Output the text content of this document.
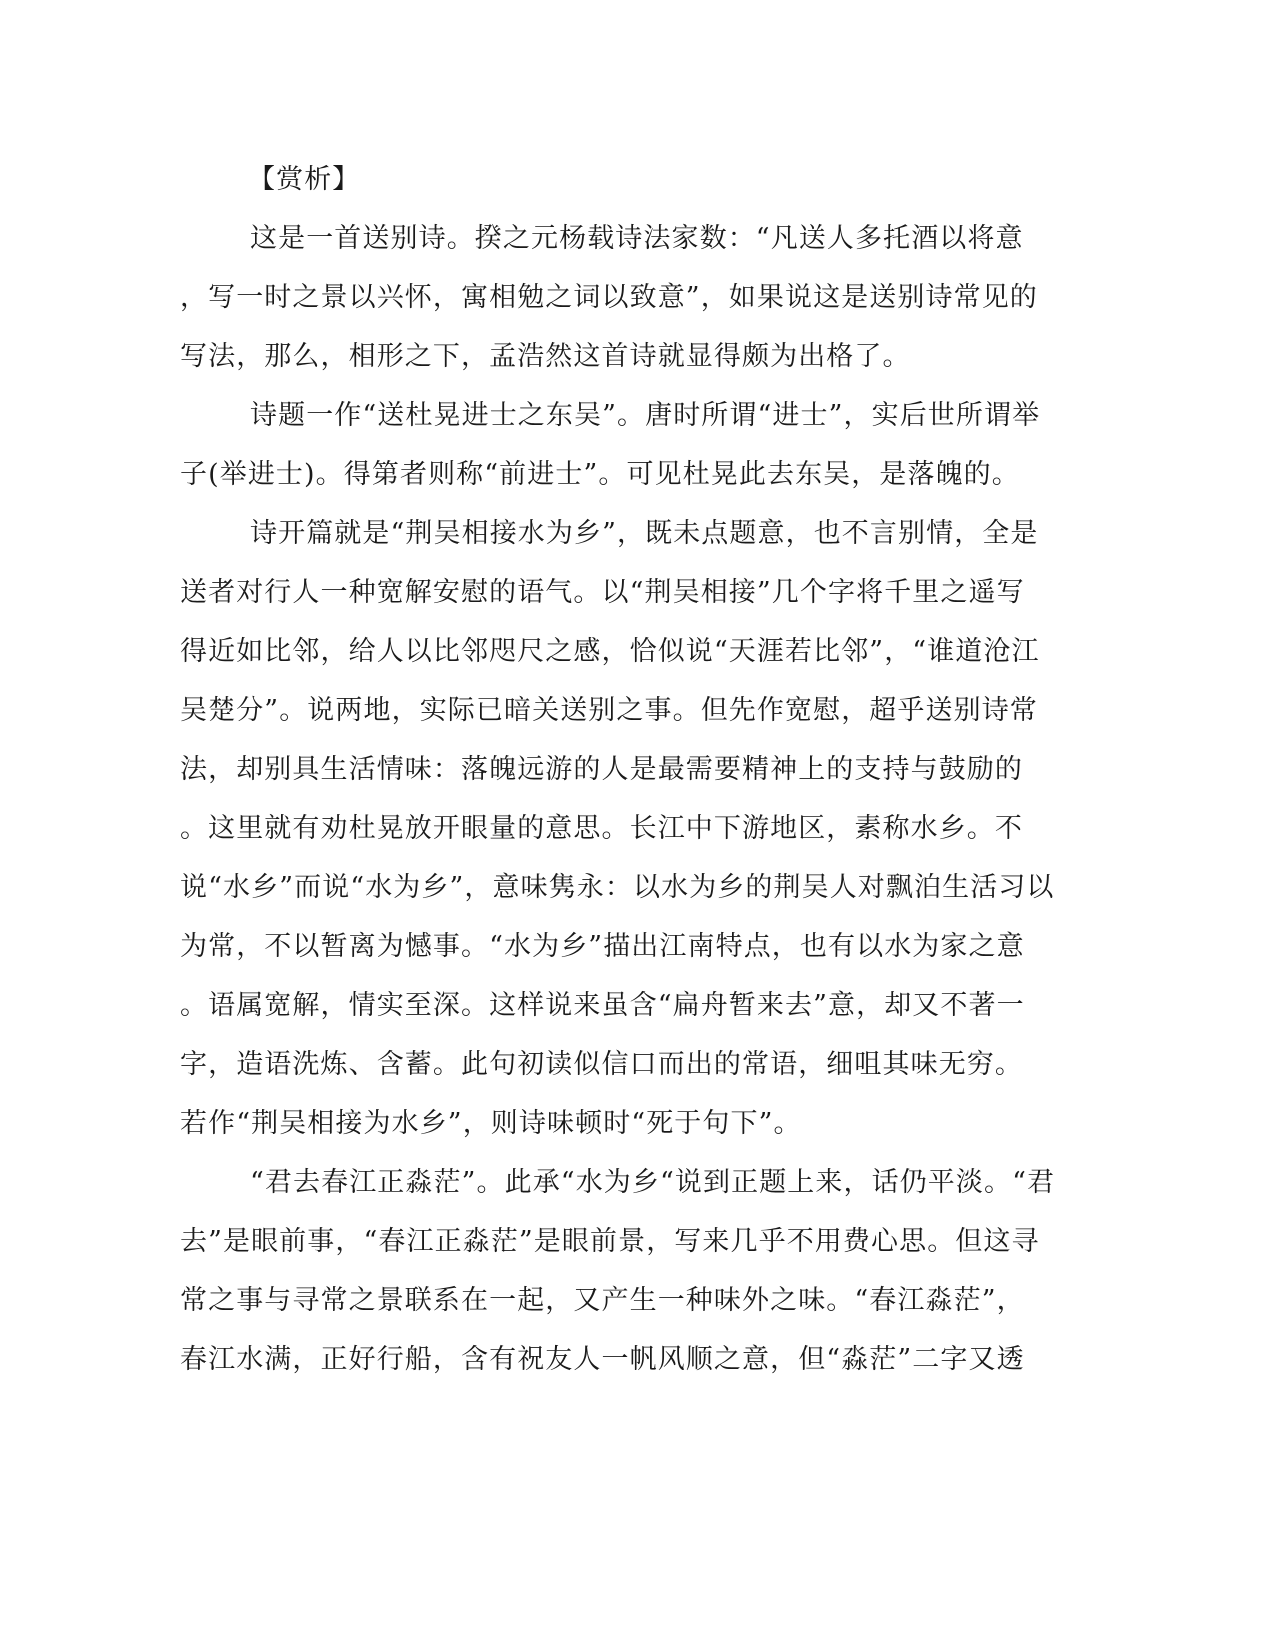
【赏析】
这是一首送别诗。揆之元杨载诗法家数：“凡送人多托酒以将意
，写一时之景以兴怀，寓相勉之词以致意”，如果说这是送别诗常见的
写法，那么，相形之下，孟浩然这首诗就显得颇为出格了。
诗题一作“送杜晃进士之东吴”。唐时所谓“进士”，实后世所谓举
子(举进士)。得第者则称“前进士”。可见杜晃此去东吴，是落魄的。
诗开篇就是“荆吴相接水为乡”，既未点题意，也不言别情，全是
送者对行人一种宽解安慰的语气。以“荆吴相接”几个字将千里之遥写
得近如比邻，给人以比邻咫尺之感，恰似说“天涯若比邻”，“谁道沧江
吴楚分”。说两地，实际已暗关送别之事。但先作宽慰，超乎送别诗常
法，却别具生活情味：落魄远游的人是最需要精神上的支持与鼓励的
。这里就有劝杜晃放开眼量的意思。长江中下游地区，素称水乡。不
说“水乡”而说“水为乡”，意味隽永：以水为乡的荆吴人对飘泊生活习以
为常，不以暂离为憾事。“水为乡”描出江南特点，也有以水为家之意
。语属宽解，情实至深。这样说来虽含“扁舟暂来去”意，却又不著一
字，造语洗炼、含蓄。此句初读似信口而出的常语，细咀其味无穷。
若作“荆吴相接为水乡”，则诗味顿时“死于句下”。
“君去春江正淼茫”。此承“水为乡“说到正题上来，话仍平淡。“君
去”是眼前事，“春江正淼茫”是眼前景，写来几乎不用费心思。但这寻
常之事与寻常之景联系在一起，又产生一种味外之味。“春江淼茫”，
春江水满，正好行船，含有祝友人一帆风顺之意，但“淼茫”二字又透
